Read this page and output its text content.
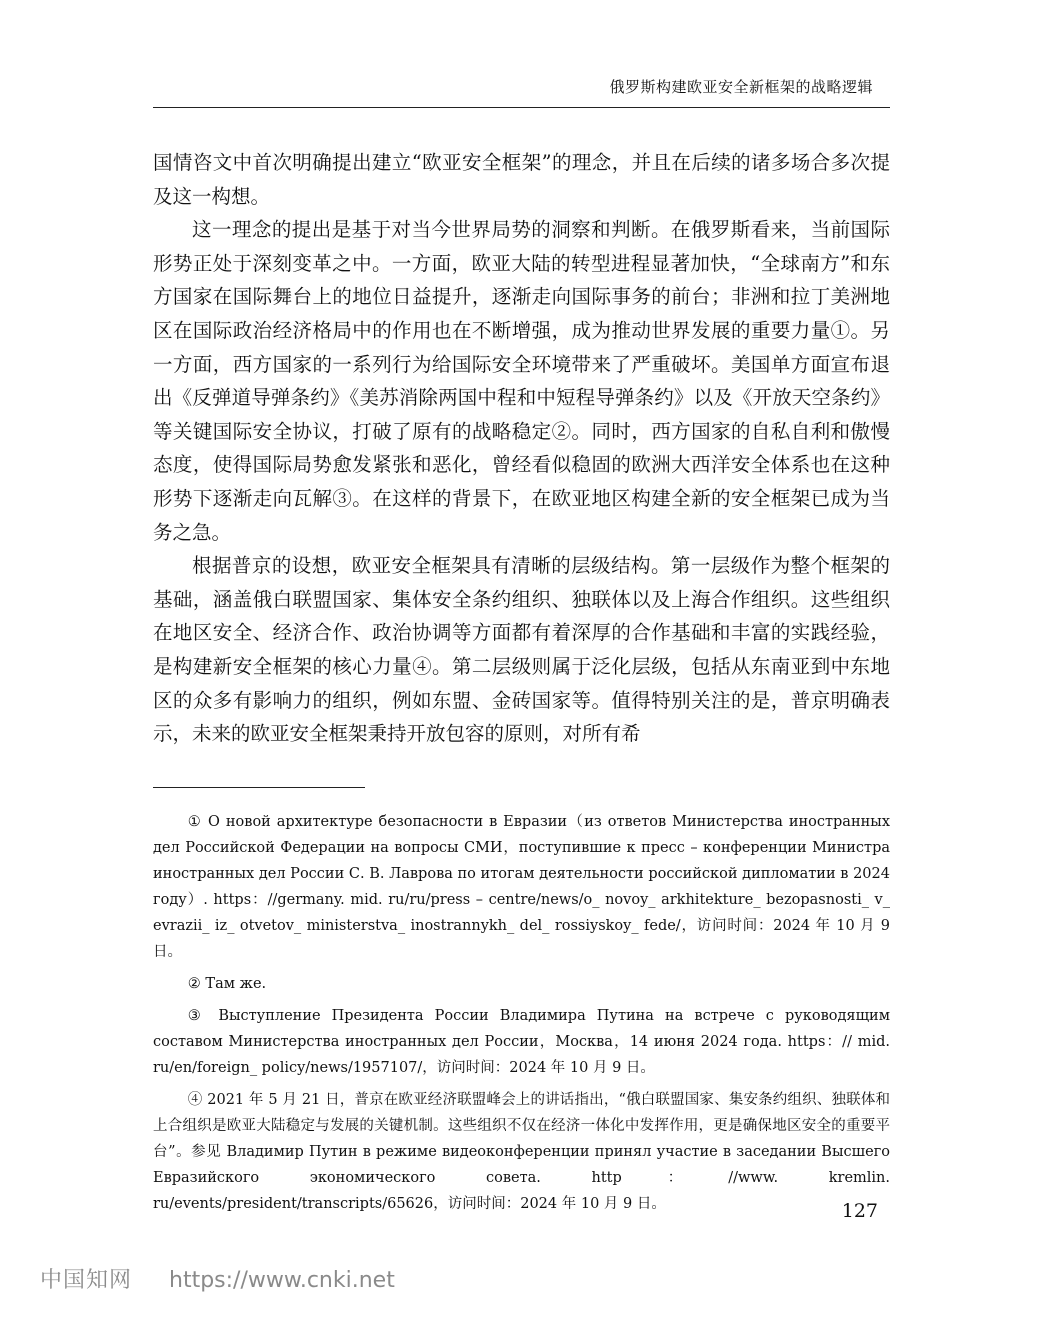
俄罗斯构建欧亚安全新框架的战略逻辑

国情咨文中首次明确提出建立“欧亚安全框架”的理念，并且在后续的诸多场合多次提及这一构想。

这一理念的提出是基于对当今世界局势的洞察和判断。在俄罗斯看来，当前国际形势正处于深刻变革之中。一方面，欧亚大陆的转型进程显著加快，“全球南方”和东方国家在国际舞台上的地位日益提升，逐渐走向国际事务的前台；非洲和拉丁美洲地区在国际政治经济格局中的作用也在不断增强，成为推动世界发展的重要力量①。另一方面，西方国家的一系列行为给国际安全环境带来了严重破坏。美国单方面宣布退出《反弹道导弹条约》《美苏消除两国中程和中短程导弹条约》以及《开放天空条约》等关键国际安全协议，打破了原有的战略稳定②。同时，西方国家的自私自利和傲慢态度，使得国际局势愈发紧张和恶化，曾经看似稳固的欧洲大西洋安全体系也在这种形势下逐渐走向瓦解③。在这样的背景下，在欧亚地区构建全新的安全框架已成为当务之急。

根据普京的设想，欧亚安全框架具有清晰的层级结构。第一层级作为整个框架的基础，涵盖俄白联盟国家、集体安全条约组织、独联体以及上海合作组织。这些组织在地区安全、经济合作、政治协调等方面都有着深厚的合作基础和丰富的实践经验，是构建新安全框架的核心力量④。第二层级则属于泛化层级，包括从东南亚到中东地区的众多有影响力的组织，例如东盟、金砖国家等。值得特别关注的是，普京明确表示，未来的欧亚安全框架秉持开放包容的原则，对所有希

① О новой архитектуре безопасности в Евразии（из ответов Министерства иностранных дел Российской Федерации на вопросы СМИ，поступившие к пресс – конференции Министра иностранных дел России С. В. Лаврова по итогам деятельности российской дипломатии в 2024 году）. https：//germany. mid. ru/ru/press – centre/news/o_ novoy_ arkhitekture_ bezopasnosti_ v_ evrazii_ iz_ otvetov_ ministerstva_ inostrannykh_ del_ rossiyskoy_ fede/，访问时间：2024 年 10 月 9 日。

② Там же.

③ Выступление Президента России Владимира Путина на встрече с руководящим составом Министерства иностранных дел России，Москва，14 июня 2024 года. https：// mid. ru/en/foreign_ policy/news/1957107/，访问时间：2024 年 10 月 9 日。

④ 2021 年 5 月 21 日，普京在欧亚经济联盟峰会上的讲话指出，“俄白联盟国家、集安条约组织、独联体和上合组织是欧亚大陆稳定与发展的关键机制。这些组织不仅在经济一体化中发挥作用，更是确保地区安全的重要平台”。参见 Владимир Путин в режиме видеоконференции принял участие в заседании Высшего Евразийского экономического совета. http：//www. kremlin. ru/events/president/transcripts/65626，访问时间：2024 年 10 月 9 日。	127
中国知网 https://www.cnki.net
